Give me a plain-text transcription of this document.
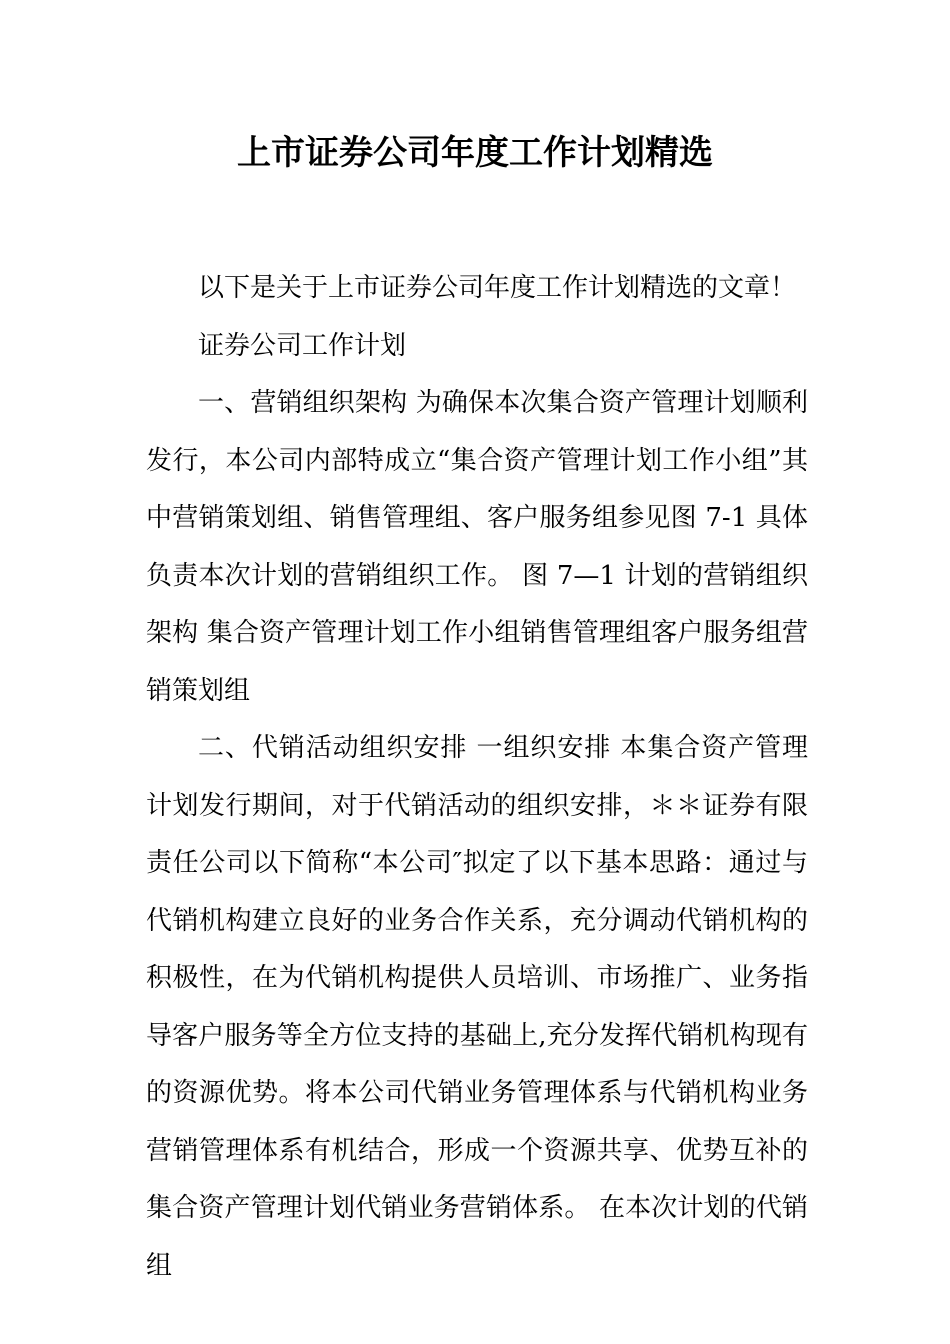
上市证券公司年度工作计划精选

以下是关于上市证券公司年度工作计划精选的文章！

证券公司工作计划

一、营销组织架构 为确保本次集合资产管理计划顺利发行，本公司内部特成立“集合资产管理计划工作小组”其中营销策划组、销售管理组、客户服务组参见图 7-1 具体负责本次计划的营销组织工作。 图 7—1 计划的营销组织架构 集合资产管理计划工作小组销售管理组客户服务组营销策划组

二、代销活动组织安排 一组织安排 本集合资产管理计划发行期间，对于代销活动的组织安排，＊＊证券有限责任公司以下简称“本公司″拟定了以下基本思路：通过与代销机构建立良好的业务合作关系，充分调动代销机构的积极性，在为代销机构提供人员培训、市场推广、业务指导客户服务等全方位支持的基础上,充分发挥代销机构现有的资源优势。将本公司代销业务管理体系与代销机构业务营销管理体系有机结合，形成一个资源共享、优势互补的集合资产管理计划代销业务营销体系。 在本次计划的代销组
